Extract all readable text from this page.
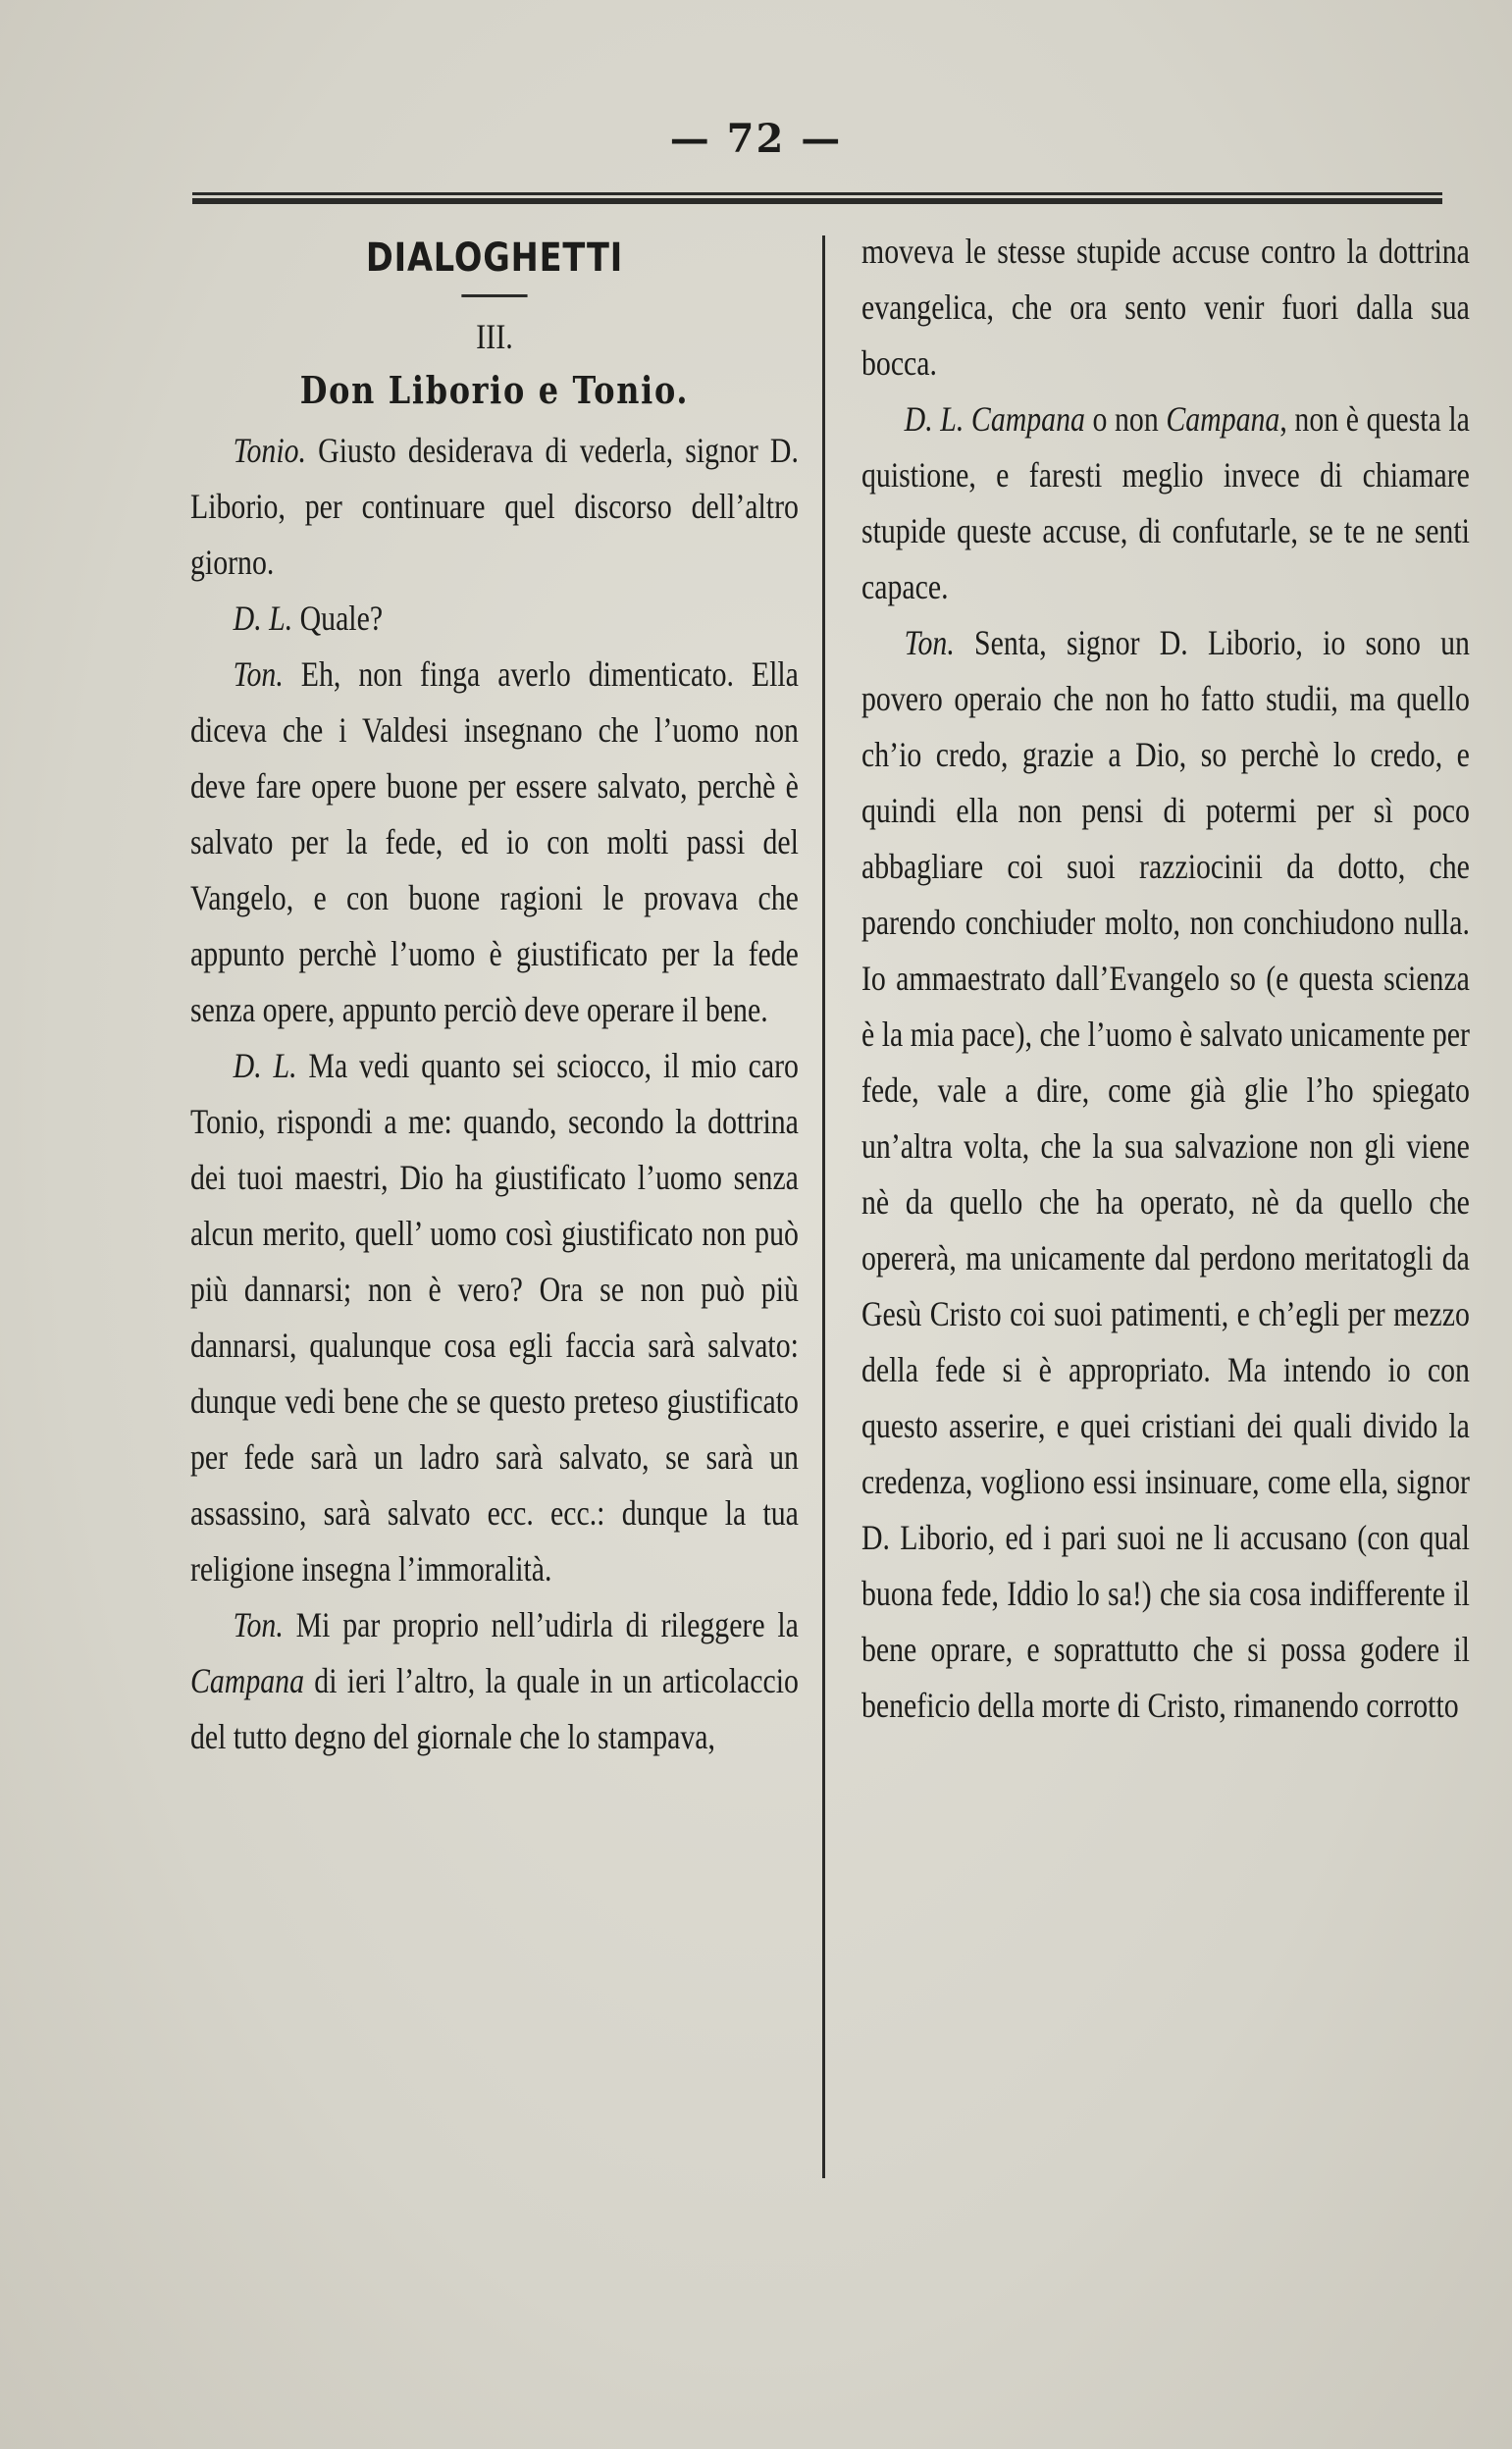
— 72 —

DIALOGHETTI

III.

Don Liborio e Tonio.

Tonio. Giusto desiderava di vederla, signor D. Liborio, per continuare quel discorso dell’altro giorno.

D. L. Quale?

Ton. Eh, non finga averlo dimenticato. Ella diceva che i Valdesi insegnano che l’uomo non deve fare opere buone per essere salvato, perchè è salvato per la fede, ed io con molti passi del Vangelo, e con buone ragioni le provava che appunto perchè l’uomo è giustificato per la fede senza opere, appunto perciò deve operare il bene.

D. L. Ma vedi quanto sei sciocco, il mio caro Tonio, rispondi a me: quando, secondo la dottrina dei tuoi maestri, Dio ha giustificato l’uomo senza alcun merito, quell’ uomo così giustificato non può più dannarsi; non è vero? Ora se non può più dannarsi, qualunque cosa egli faccia sarà salvato: dunque vedi bene che se questo preteso giustificato per fede sarà un ladro sarà salvato, se sarà un assassino, sarà salvato ecc. ecc.: dunque la tua religione insegna l’immoralità.

Ton. Mi par proprio nell’udirla di rileggere la Campana di ieri l’altro, la quale in un articolaccio del tutto degno del giornale che lo stampava,

moveva le stesse stupide accuse contro la dottrina evangelica, che ora sento venir fuori dalla sua bocca.

D. L. Campana o non Campana, non è questa la quistione, e faresti meglio invece di chiamare stupide queste accuse, di confutarle, se te ne senti capace.

Ton. Senta, signor D. Liborio, io sono un povero operaio che non ho fatto studii, ma quello ch’io credo, grazie a Dio, so perchè lo credo, e quindi ella non pensi di potermi per sì poco abbagliare coi suoi razziocinii da dotto, che parendo conchiuder molto, non conchiudono nulla. Io ammaestrato dall’Evangelo so (e questa scienza è la mia pace), che l’uomo è salvato unicamente per fede, vale a dire, come già glie l’ho spiegato un’altra volta, che la sua salvazione non gli viene nè da quello che ha operato, nè da quello che opererà, ma unicamente dal perdono meritatogli da Gesù Cristo coi suoi patimenti, e ch’egli per mezzo della fede si è appropriato. Ma intendo io con questo asserire, e quei cristiani dei quali divido la credenza, vogliono essi insinuare, come ella, signor D. Liborio, ed i pari suoi ne li accusano (con qual buona fede, Iddio lo sa!) che sia cosa indifferente il bene oprare, e soprattutto che si possa godere il beneficio della morte di Cristo, rimanendo corrotto
